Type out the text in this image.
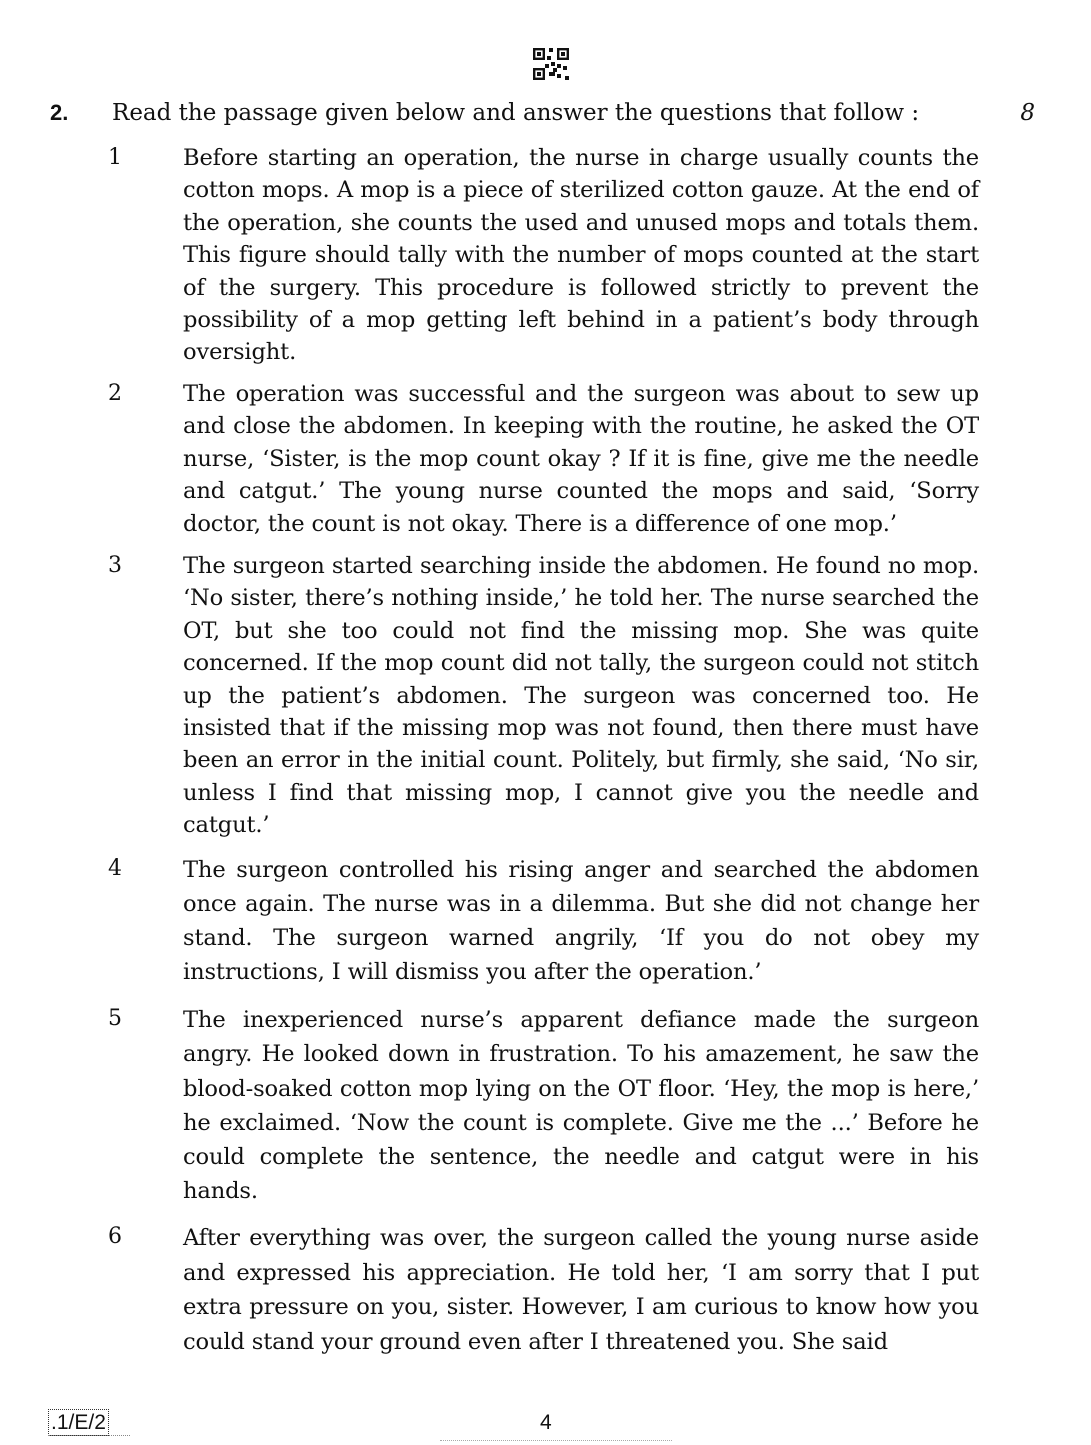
2. Read the passage given below and answer the questions that follow :	8
1	Before starting an operation, the nurse in charge usually counts the cotton mops. A mop is a piece of sterilized cotton gauze. At the end of the operation, she counts the used and unused mops and totals them. This figure should tally with the number of mops counted at the start of the surgery. This procedure is followed strictly to prevent the possibility of a mop getting left behind in a patient’s body through oversight.

2	The operation was successful and the surgeon was about to sew up and close the abdomen. In keeping with the routine, he asked the OT nurse, ‘Sister, is the mop count okay ? If it is fine, give me the needle and catgut.’ The young nurse counted the mops and said, ‘Sorry doctor, the count is not okay. There is a difference of one mop.’

3	The surgeon started searching inside the abdomen. He found no mop. ‘No sister, there’s nothing inside,’ he told her. The nurse searched the OT, but she too could not find the missing mop. She was quite concerned. If the mop count did not tally, the surgeon could not stitch up the patient’s abdomen. The surgeon was concerned too. He insisted that if the missing mop was not found, then there must have been an error in the initial count. Politely, but firmly, she said, ‘No sir, unless I find that missing mop, I cannot give you the needle and catgut.’

4	The surgeon controlled his rising anger and searched the abdomen once again. The nurse was in a dilemma. But she did not change her stand. The surgeon warned angrily, ‘If you do not obey my instructions, I will dismiss you after the operation.’

5	The inexperienced nurse’s apparent defiance made the surgeon angry. He looked down in frustration. To his amazement, he saw the blood-soaked cotton mop lying on the OT floor. ‘Hey, the mop is here,’ he exclaimed. ‘Now the count is complete. Give me the ...’ Before he could complete the sentence, the needle and catgut were in his hands.

6	After everything was over, the surgeon called the young nurse aside and expressed his appreciation. He told her, ‘I am sorry that I put extra pressure on you, sister. However, I am curious to know how you could stand your ground even after I threatened you. She said

.1/E/2	4
